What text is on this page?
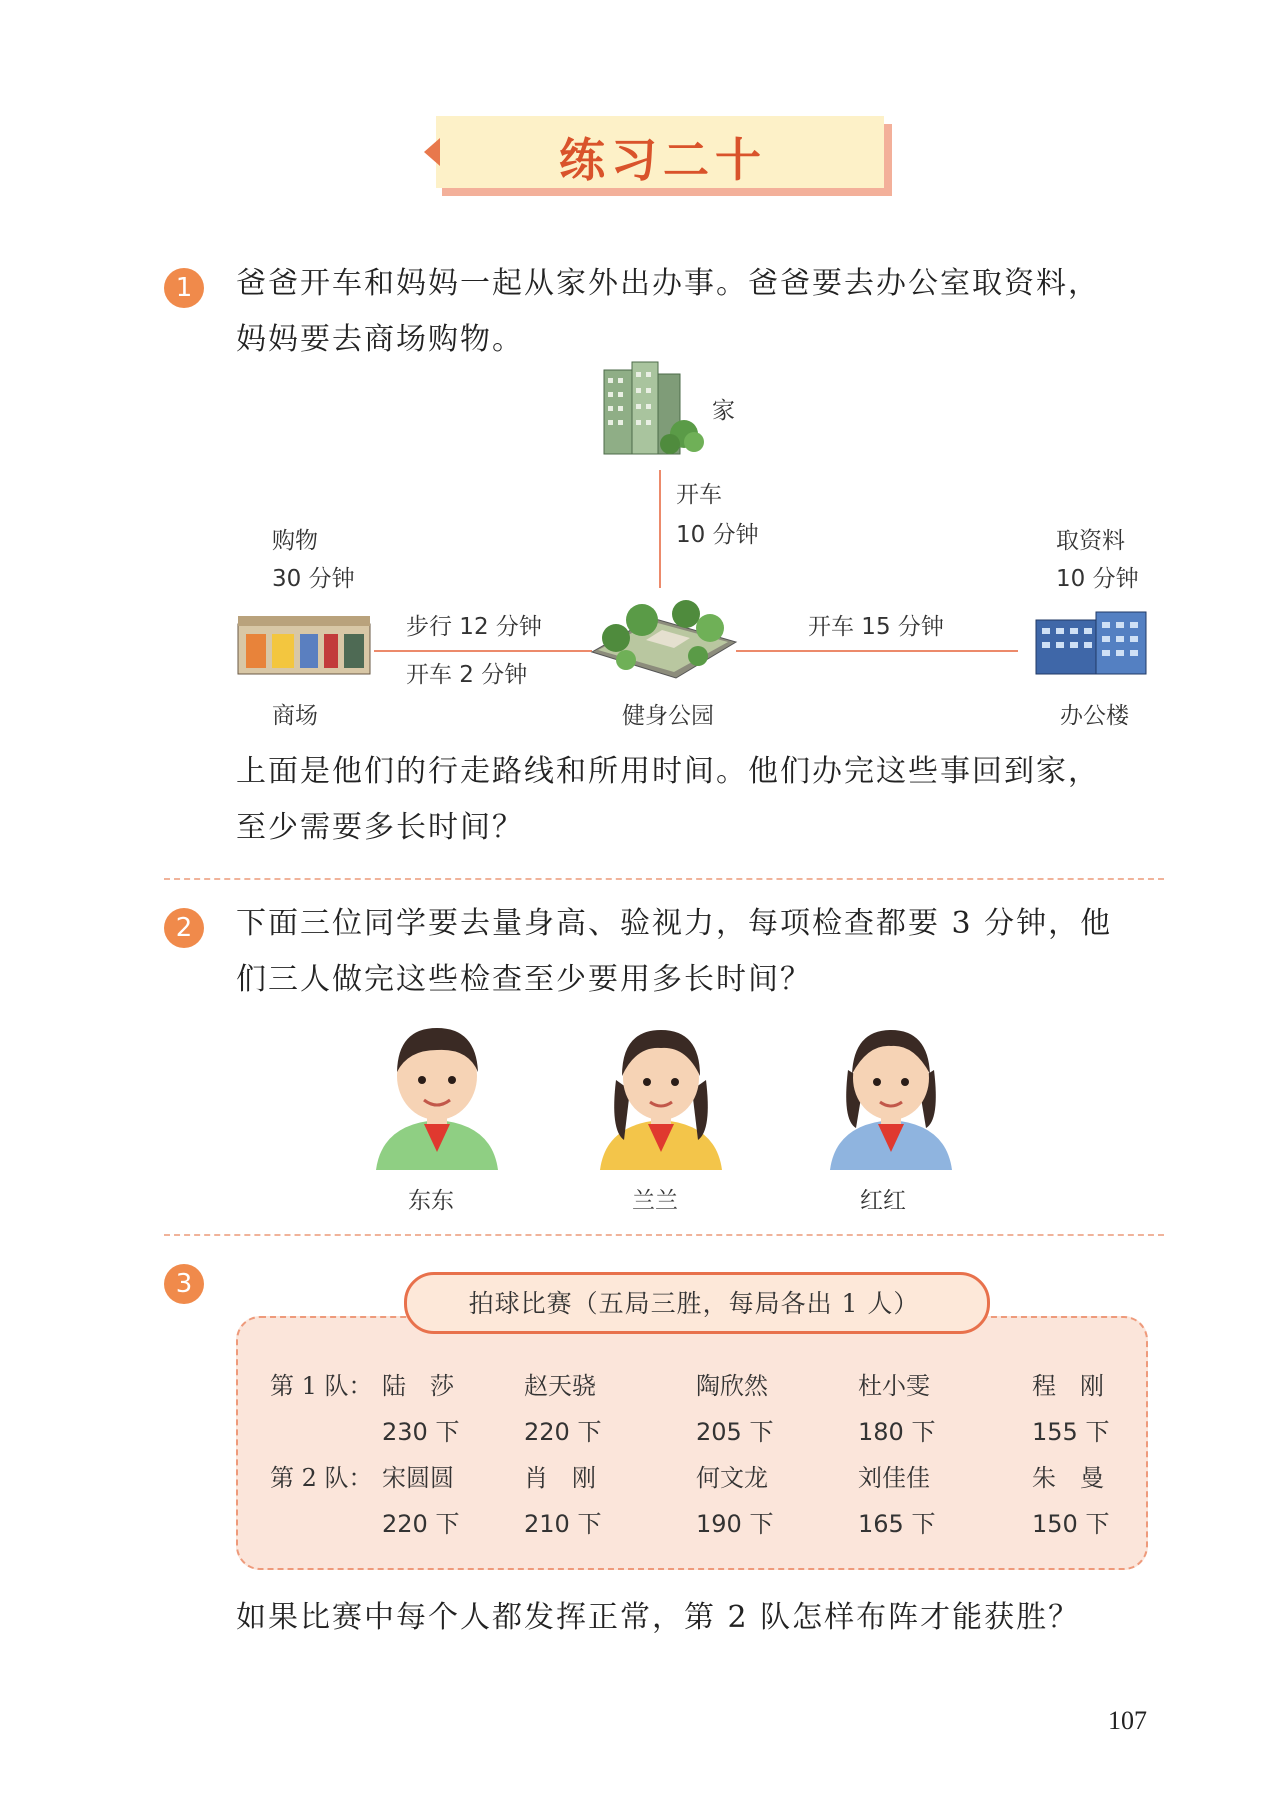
练习二十
1	爸爸开车和妈妈一起从家外出办事。爸爸要去办公室取资料，
妈妈要去商场购物。
家
开车
10 分钟
购物
30 分钟
取资料
10 分钟
步行 12 分钟
开车 2 分钟
开车 15 分钟
商场	健身公园	办公楼
上面是他们的行走路线和所用时间。他们办完这些事回到家，
至少需要多长时间？
2	下面三位同学要去量身高、验视力，每项检查都要 3 分钟，他
们三人做完这些检查至少要用多长时间？
东东	兰兰	红红
3
第 1 队： 陆　莎	赵天骁	陶欣然	杜小雯	程　刚
230 下	220 下	205 下	180 下	155 下
第 2 队： 宋圆圆	肖　刚	何文龙	刘佳佳	朱　曼
220 下	210 下	190 下	165 下	150 下
拍球比赛（五局三胜，每局各出 1 人）
如果比赛中每个人都发挥正常，第 2 队怎样布阵才能获胜？
107
